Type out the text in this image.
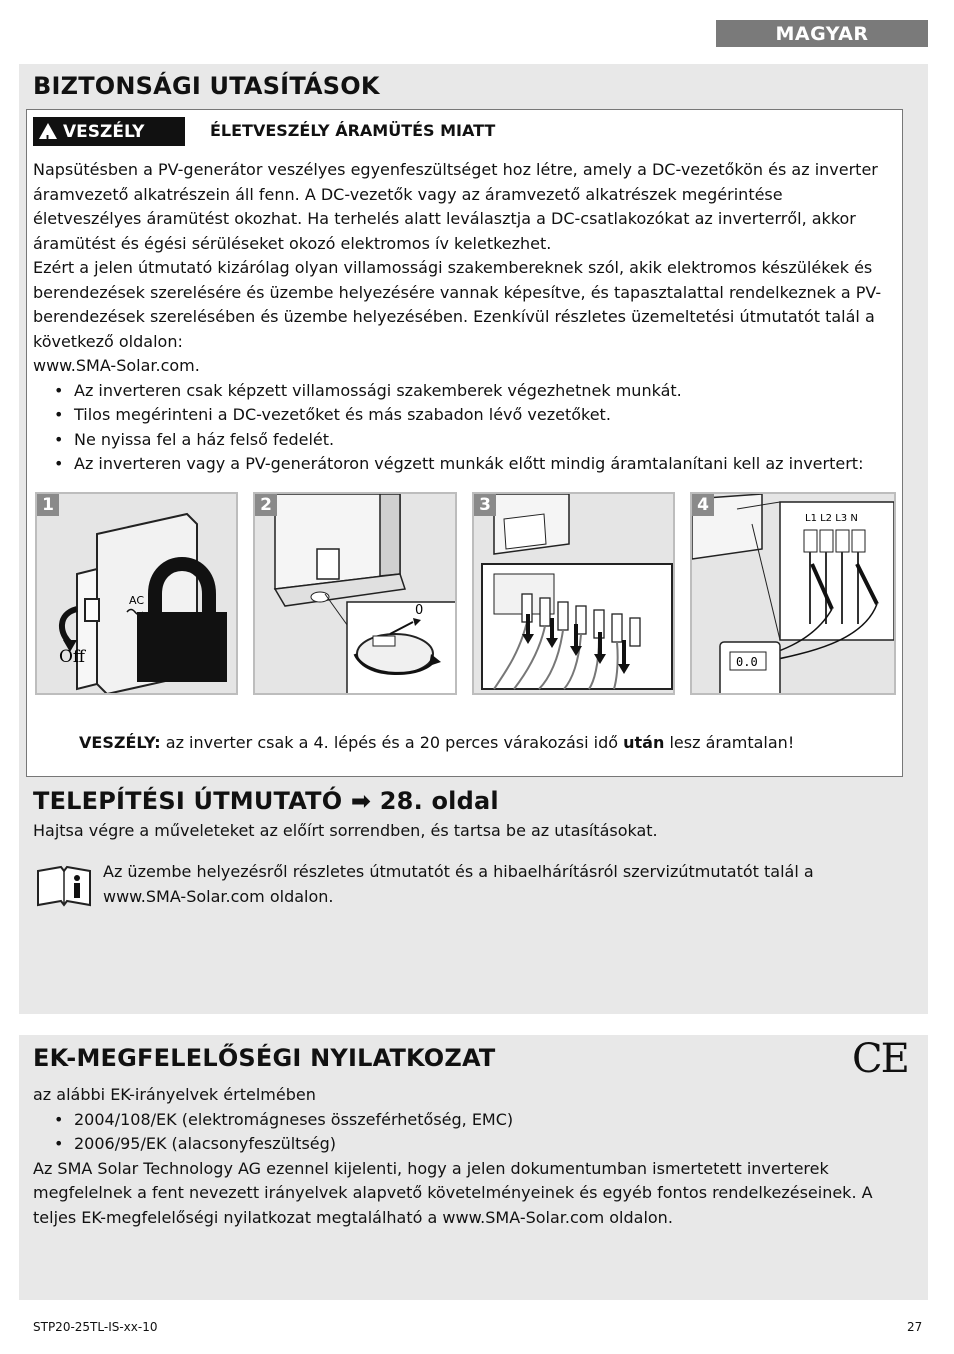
MAGYAR
BIZTONSÁGI UTASÍTÁSOK
!VESZÉLY	ÉLETVESZÉLY ÁRAMÜTÉS MIATT
Napsütésben a PV-generátor veszélyes egyenfeszültséget hoz létre, amely a DC-vezetőkön és az inverter áramvezető alkatrészein áll fenn. A DC-vezetők vagy az áramvezető alkatrészek megérintése életveszélyes áramütést okozhat. Ha terhelés alatt leválasztja a DC-csatlakozókat az inverterről, akkor áramütést és égési sérüléseket okozó elektromos ív keletkezhet.
Ezért a jelen útmutató kizárólag olyan villamossági szakembereknek szól, akik elektromos készülékek és berendezések szerelésére és üzembe helyezésére vannak képesítve, és tapasztalattal rendelkeznek a PV-berendezések szerelésében és üzembe helyezésében. Ezenkívül részletes üzemeltetési útmutatót talál a következő oldalon:
www.SMA-Solar.com.
• Az inverteren csak képzett villamossági szakemberek végezhetnek munkát.
• Tilos megérinteni a DC-vezetőket és más szabadon lévő vezetőket.
• Ne nyissa fel a ház felső fedelét.
• Az inverteren vagy a PV-generátoron végzett munkák előtt mindig áramtalanítani kell az invertert:
AC
Off
1
0
2	3
L1 L2 L3 N
0.0
4
VESZÉLY: az inverter csak a 4. lépés és a 20 perces várakozási idő után lesz áramtalan!
TELEPÍTÉSI ÚTMUTATÓ ➡ 28. oldal
Hajtsa végre a műveleteket az előírt sorrendben, és tartsa be az utasításokat.
Az üzembe helyezésről részletes útmutatót és a hibaelhárításról szervizútmutatót talál a www.SMA-Solar.com oldalon.
EK-MEGFELELŐSÉGI NYILATKOZAT	CE
az alábbi EK-irányelvek értelmében
• 2004/108/EK (elektromágneses összeférhetőség, EMC)
• 2006/95/EK (alacsonyfeszültség)
Az SMA Solar Technology AG ezennel kijelenti, hogy a jelen dokumentumban ismertetett inverterek megfelelnek a fent nevezett irányelvek alapvető követelményeinek és egyéb fontos rendelkezéseinek. A teljes EK-megfelelőségi nyilatkozat megtalálható a www.SMA-Solar.com oldalon.
STP20-25TL-IS-xx-10	27
